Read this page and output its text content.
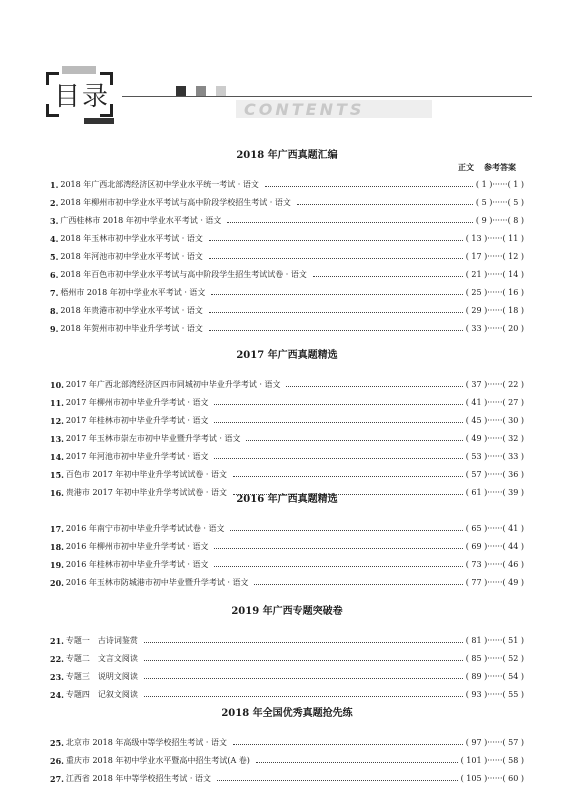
目录	CONTENTS
正文 参考答案
2018 年广西真题汇编
1. 2018 年广西北部湾经济区初中学业水平统一考试 · 语文	( 1 )······( 1 )
2. 2018 年柳州市初中学业水平考试与高中阶段学校招生考试 · 语文	( 5 )······( 5 )
3. 广西桂林市 2018 年初中学业水平考试 · 语文	( 9 )······( 8 )
4. 2018 年玉林市初中学业水平考试 · 语文	( 13 )······( 11 )
5. 2018 年河池市初中学业水平考试 · 语文	( 17 )······( 12 )
6. 2018 年百色市初中学业水平考试与高中阶段学生招生考试试卷 · 语文	( 21 )······( 14 )
7. 梧州市 2018 年初中学业水平考试 · 语文	( 25 )······( 16 )
8. 2018 年贵港市初中学业水平考试 · 语文	( 29 )······( 18 )
9. 2018 年贺州市初中毕业升学考试 · 语文	( 33 )······( 20 )
2017 年广西真题精选
10. 2017 年广西北部湾经济区四市同城初中毕业升学考试 · 语文	( 37 )······( 22 )
11. 2017 年柳州市初中毕业升学考试 · 语文	( 41 )······( 27 )
12. 2017 年桂林市初中毕业升学考试 · 语文	( 45 )······( 30 )
13. 2017 年玉林市崇左市初中毕业暨升学考试 · 语文	( 49 )······( 32 )
14. 2017 年河池市初中毕业升学考试 · 语文	( 53 )······( 33 )
15. 百色市 2017 年初中毕业升学考试试卷 · 语文	( 57 )······( 36 )
16. 贵港市 2017 年初中毕业升学考试试卷 · 语文	( 61 )······( 39 )
2016 年广西真题精选
17. 2016 年南宁市初中毕业升学考试试卷 · 语文	( 65 )······( 41 )
18. 2016 年柳州市初中毕业升学考试 · 语文	( 69 )······( 44 )
19. 2016 年桂林市初中毕业升学考试 · 语文	( 73 )······( 46 )
20. 2016 年玉林市防城港市初中毕业暨升学考试 · 语文	( 77 )······( 49 )
2019 年广西专题突破卷
21. 专题一　古诗词鉴赏	( 81 )······( 51 )
22. 专题二　文言文阅读	( 85 )······( 52 )
23. 专题三　说明文阅读	( 89 )······( 54 )
24. 专题四　记叙文阅读	( 93 )······( 55 )
2018 年全国优秀真题抢先练
25. 北京市 2018 年高级中等学校招生考试 · 语文	( 97 )······( 57 )
26. 重庆市 2018 年初中学业水平暨高中招生考试(A 卷)	( 101 )······( 58 )
27. 江西省 2018 年中等学校招生考试 · 语文	( 105 )······( 60 )
